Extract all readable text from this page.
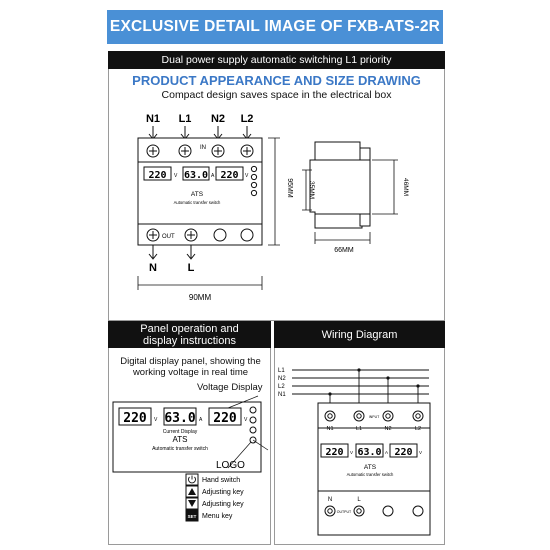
EXCLUSIVE DETAIL IMAGE OF FXB-ATS-2R
Dual power supply automatic switching L1 priority
PRODUCT APPEARANCE AND SIZE DRAWING
Compact design saves space in the electrical box
N1 L1 N2 L2
IN
220 63.0 220
V	A	V
ATS
Automatic transfer switch
OUT
N	L
90MM
95MM 35MM	46MM
66MM
Panel operation and display instructions
Digital display panel, showing the working voltage in real time
Voltage Display
220 63.0 220
V	A	V
Current Display
ATS
Automatic transfer switch
LOGO
SET
Hand switch
Adjusting key
Adjusting key
Menu key
Wiring Diagram
L1
N2
L2
N1
INPUT
N1	L1	N2	L2
220 63.0 220
V	A	V
ATS
Automatic transfer switch
N	L
OUTPUT
